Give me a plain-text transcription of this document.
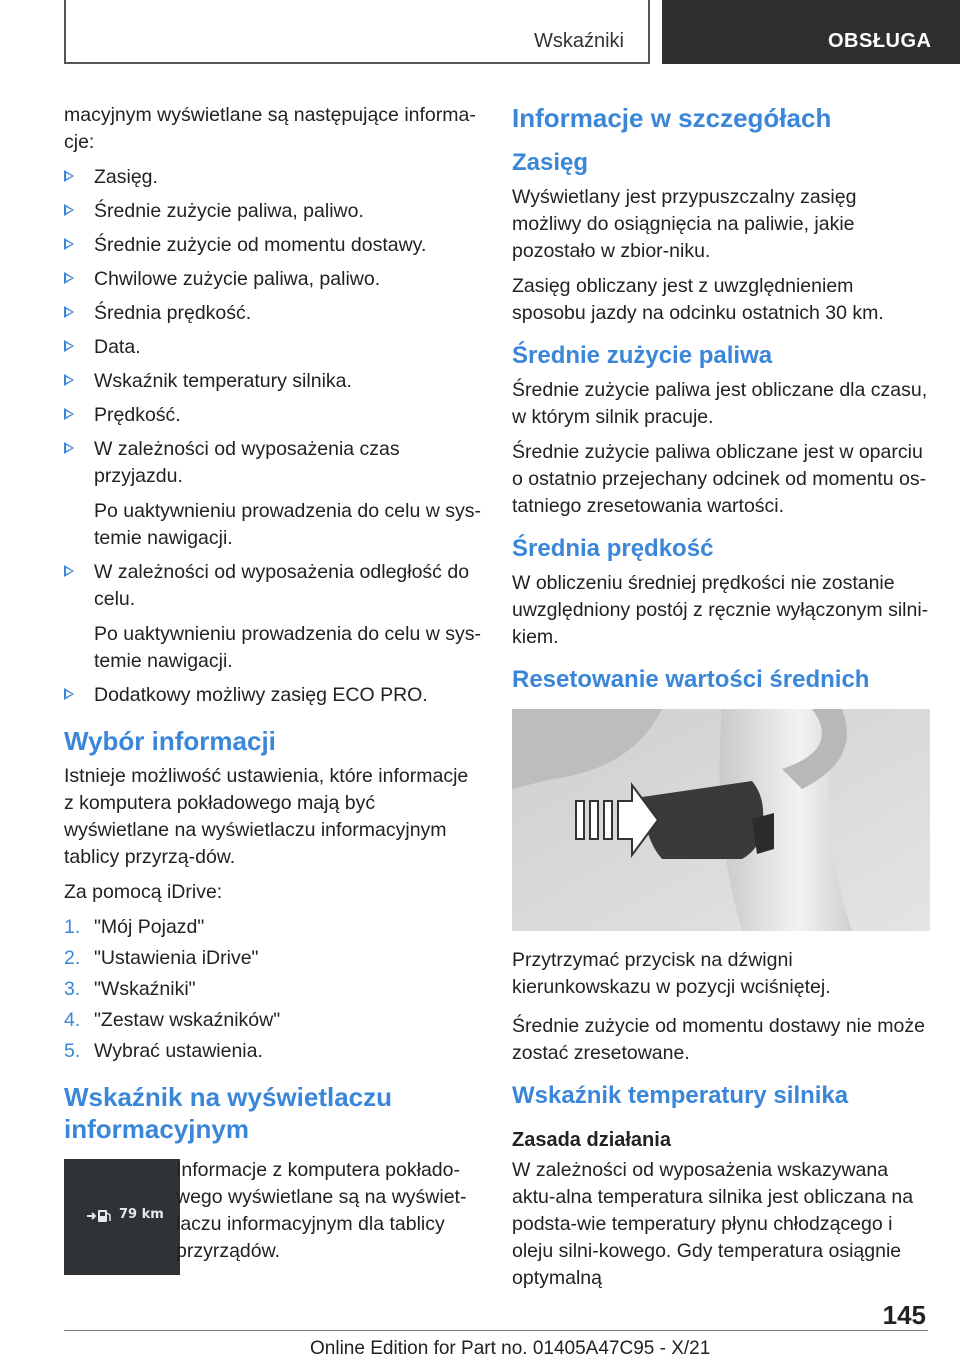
Wskaźniki	OBSŁUGA

macyjnym wyświetlane są następujące informa-cje:

Zasięg.
Średnie zużycie paliwa, paliwo.
Średnie zużycie od momentu dostawy.
Chwilowe zużycie paliwa, paliwo.
Średnia prędkość.
Data.
Wskaźnik temperatury silnika.
Prędkość.
W zależności od wyposażenia czas przyjazdu.
Po uaktywnieniu prowadzenia do celu w sys-temie nawigacji.
W zależności od wyposażenia odległość do celu.
Po uaktywnieniu prowadzenia do celu w sys-temie nawigacji.
Dodatkowy możliwy zasięg ECO PRO.
Wybór informacji

Istnieje możliwość ustawienia, które informacje z komputera pokładowego mają być wyświetlane na wyświetlaczu informacyjnym tablicy przyrzą-dów.

Za pomocą iDrive:

1. "Mój Pojazd"
2. "Ustawienia iDrive"
3. "Wskaźniki"
4. "Zestaw wskaźników"
5. Wybrać ustawienia.
Wskaźnik na wyświetlaczu informacyjnym
79 km
Informacje z komputera pokłado-wego wyświetlane są na wyświet-laczu informacyjnym dla tablicy przyrządów.
Informacje w szczegółach
Zasięg

Wyświetlany jest przypuszczalny zasięg możliwy do osiągnięcia na paliwie, jakie pozostało w zbior-niku.

Zasięg obliczany jest z uwzględnieniem sposobu jazdy na odcinku ostatnich 30 km.

Średnie zużycie paliwa

Średnie zużycie paliwa jest obliczane dla czasu, w którym silnik pracuje.

Średnie zużycie paliwa obliczane jest w oparciu o ostatnio przejechany odcinek od momentu os-tatniego zresetowania wartości.

Średnia prędkość

W obliczeniu średniej prędkości nie zostanie uwzględniony postój z ręcznie wyłączonym silni-kiem.

Resetowanie wartości średnich

Przytrzymać przycisk na dźwigni kierunkowskazu w pozycji wciśniętej.

Średnie zużycie od momentu dostawy nie może zostać zresetowane.

Wskaźnik temperatury silnika
Zasada działania

W zależności od wyposażenia wskazywana aktu-alna temperatura silnika jest obliczana na podsta-wie temperatury płynu chłodzącego i oleju silni-kowego. Gdy temperatura osiągnie optymalną

145
Online Edition for Part no. 01405A47C95 - X/21
